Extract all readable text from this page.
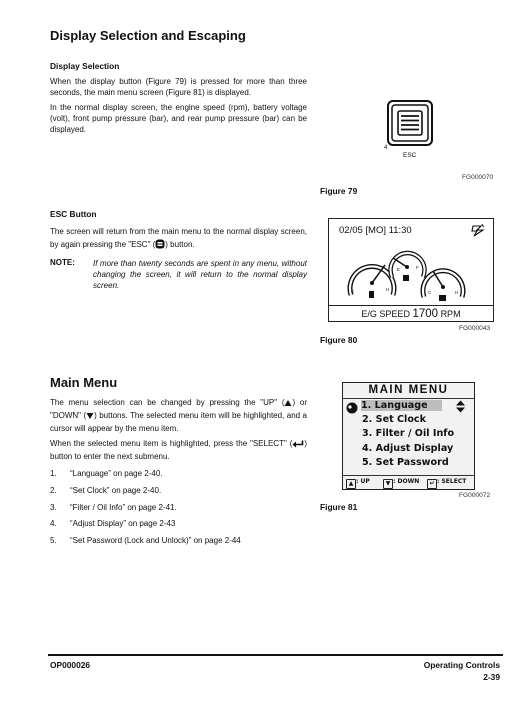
Display Selection and Escaping
Display Selection

When the display button (Figure 79) is pressed for more than three seconds, the main menu screen (Figure 81) is displayed.

In the normal display screen, the engine speed (rpm), battery voltage (volt), front pump pressure (bar), and rear pump pressure (bar) can be displayed.

4
ESC
FG000070
Figure 79
ESC Button

The screen will return from the main menu to the normal display screen, by again pressing the "ESC" ( ) button.

NOTE: If more than twenty seconds are spent in any menu, without changing the screen, it will return to the normal display screen.

02/05 [MO] 11:30
C	H
E	F
C	H
E/G SPEED 1700 RPM
FG000043
Figure 80
Main Menu

The menu selection can be changed by pressing the "UP" ( ) or "DOWN" ( ) buttons. The selected menu item will be highlighted, and a cursor will appear by the menu item.

When the selected menu item is highlighted, press the "SELECT" ( ) button to enter the next submenu.

1. “Language” on page 2-40.
2. “Set Clock” on page 2-40.
3. “Filter / Oil Info” on page 2-41.
4. “Adjust Display” on page 2-43
5. “Set Password (Lock and Unlock)” on page 2-44
MAIN MENU
1. Language
2. Set Clock
3. Filter / Oil Info
4. Adjust Display
5. Set Password
▲ : UP	▼ : DOWN	↵ : SELECT
FG000072
Figure 81
OP000026	Operating Controls
2-39
